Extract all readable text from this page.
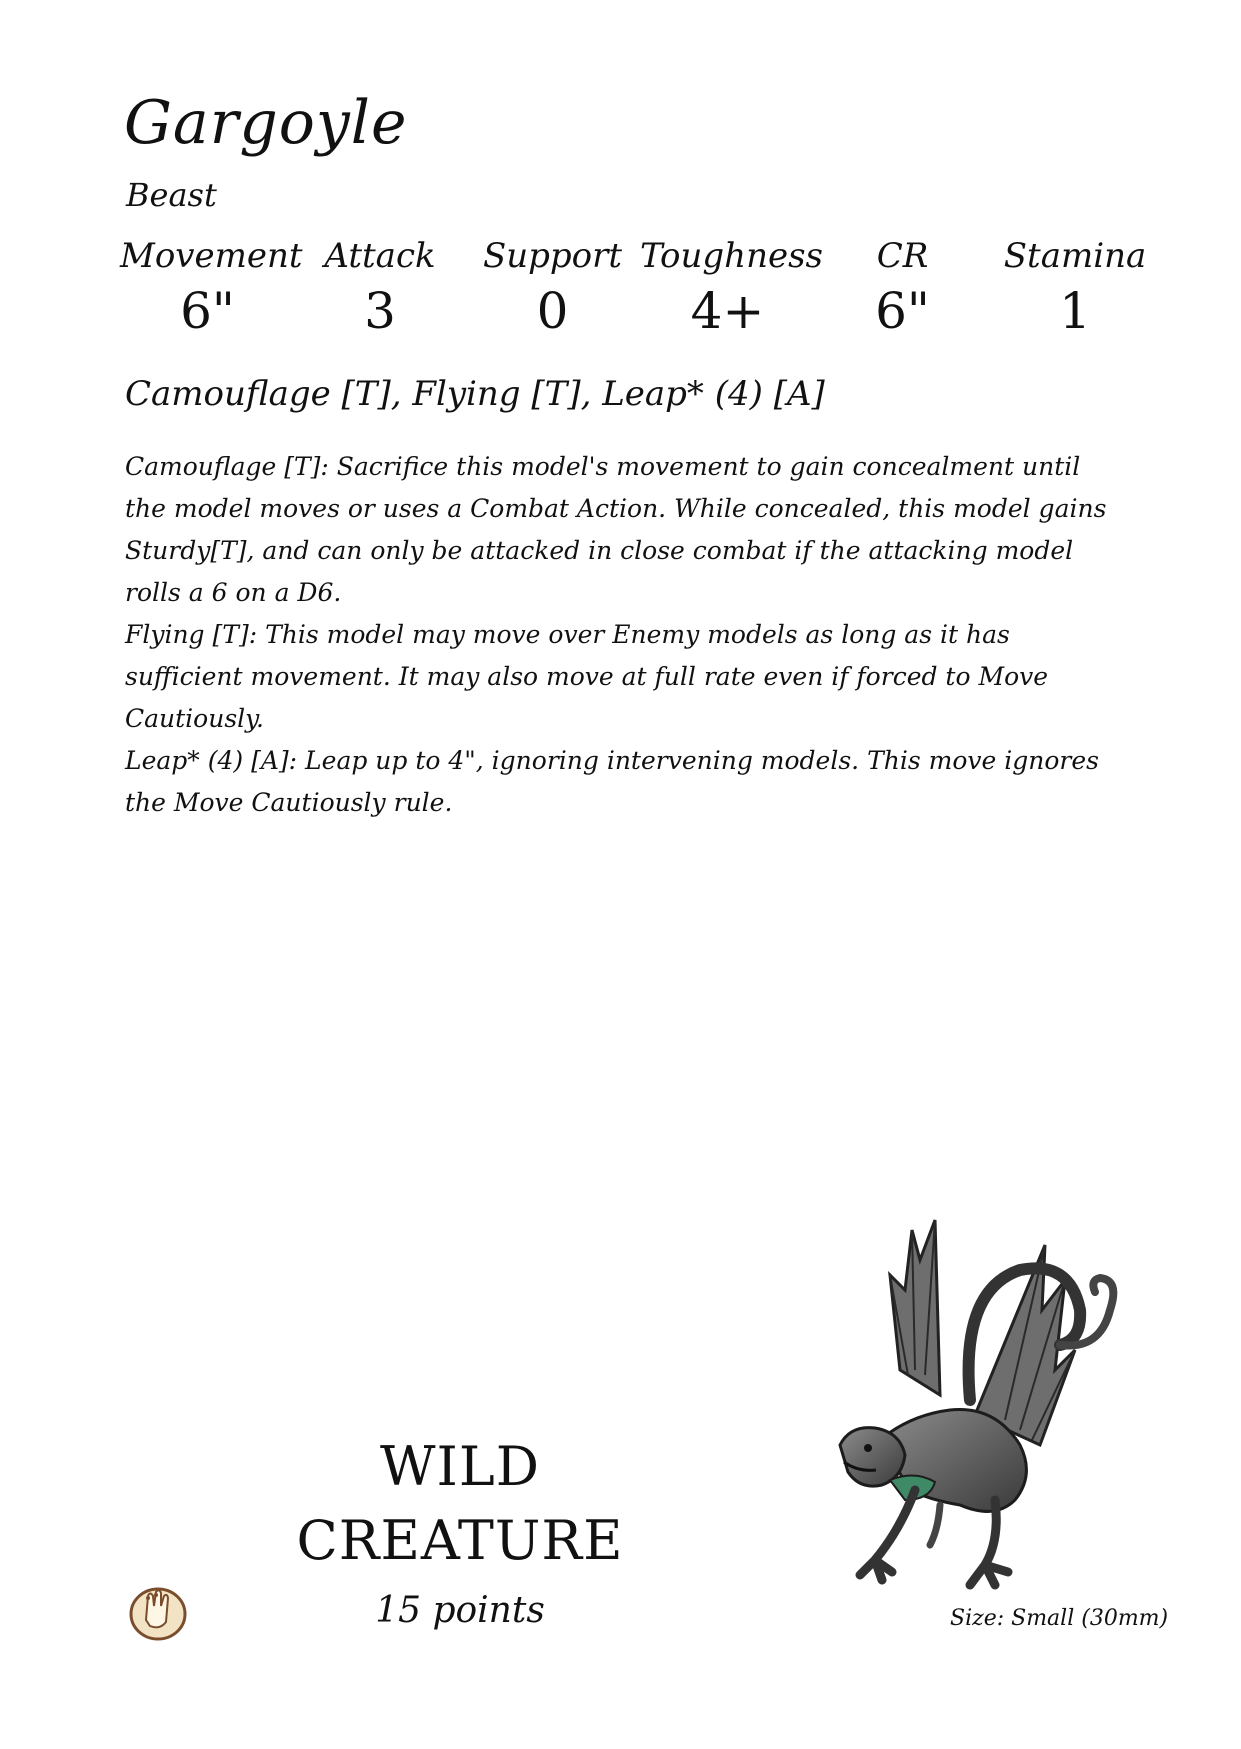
Gargoyle
Beast
Movement
6"
Attack
3
Support
0
Toughness
4+
CR
6"
Stamina
1
Camouflage [T], Flying [T], Leap* (4) [A]

Camouflage [T]: Sacrifice this model's movement to gain concealment until the model moves or uses a Combat Action. While concealed, this model gains Sturdy[T], and can only be attacked in close combat if the attacking model rolls a 6 on a D6.

Flying [T]: This model may move over Enemy models as long as it has sufficient movement. It may also move at full rate even if forced to Move Cautiously.

Leap* (4) [A]: Leap up to 4", ignoring intervening models. This move ignores the Move Cautiously rule.

WILD
CREATURE
15 points	Size: Small (30mm)
